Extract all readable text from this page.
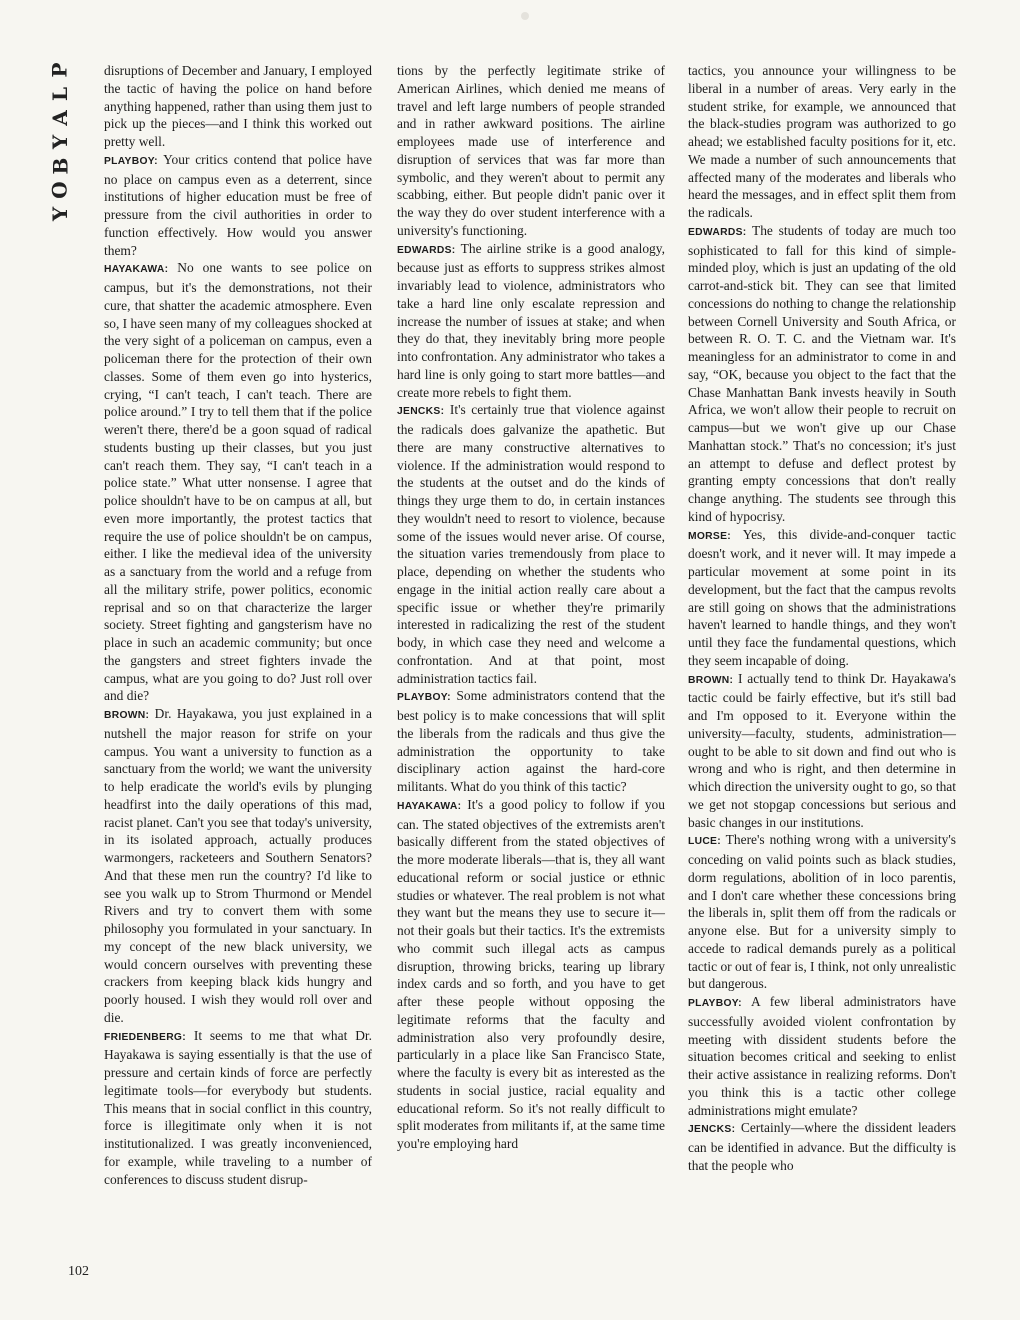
P
L
A
Y
B
O
Y
102

disruptions of December and January, I employed the tactic of having the police on hand before anything happened, rather than using them just to pick up the pieces—and I think this worked out pretty well.

PLAYBOY: Your critics contend that police have no place on campus even as a deterrent, since institutions of higher education must be free of pressure from the civil authorities in order to function effectively. How would you answer them?

HAYAKAWA: No one wants to see police on campus, but it's the demonstrations, not their cure, that shatter the academic atmosphere. Even so, I have seen many of my colleagues shocked at the very sight of a policeman on campus, even a policeman there for the protection of their own classes. Some of them even go into hysterics, crying, “I can't teach, I can't teach. There are police around.” I try to tell them that if the police weren't there, there'd be a goon squad of radical students busting up their classes, but you just can't reach them. They say, “I can't teach in a police state.” What utter nonsense. I agree that police shouldn't have to be on campus at all, but even more importantly, the protest tactics that require the use of police shouldn't be on campus, either. I like the medieval idea of the university as a sanctuary from the world and a refuge from all the military strife, power politics, economic reprisal and so on that characterize the larger society. Street fighting and gangsterism have no place in such an academic community; but once the gangsters and street fighters invade the campus, what are you going to do? Just roll over and die?

BROWN: Dr. Hayakawa, you just explained in a nutshell the major reason for strife on your campus. You want a university to function as a sanctuary from the world; we want the university to help eradicate the world's evils by plunging headfirst into the daily operations of this mad, racist planet. Can't you see that today's university, in its isolated approach, actually produces warmongers, racketeers and Southern Senators? And that these men run the country? I'd like to see you walk up to Strom Thurmond or Mendel Rivers and try to convert them with some philosophy you formulated in your sanctuary. In my concept of the new black university, we would concern ourselves with preventing these crackers from keeping black kids hungry and poorly housed. I wish they would roll over and die.

FRIEDENBERG: It seems to me that what Dr. Hayakawa is saying essentially is that the use of pressure and certain kinds of force are perfectly legitimate tools—for everybody but students. This means that in social conflict in this country, force is illegitimate only when it is not institutionalized. I was greatly inconvenienced, for example, while traveling to a number of conferences to discuss student disrup-

tions by the perfectly legitimate strike of American Airlines, which denied me means of travel and left large numbers of people stranded and in rather awkward positions. The airline employees made use of interference and disruption of services that was far more than symbolic, and they weren't about to permit any scabbing, either. But people didn't panic over it the way they do over student interference with a university's functioning.

EDWARDS: The airline strike is a good analogy, because just as efforts to suppress strikes almost invariably lead to violence, administrators who take a hard line only escalate repression and increase the number of issues at stake; and when they do that, they inevitably bring more people into confrontation. Any administrator who takes a hard line is only going to start more battles—and create more rebels to fight them.

JENCKS: It's certainly true that violence against the radicals does galvanize the apathetic. But there are many constructive alternatives to violence. If the administration would respond to the students at the outset and do the kinds of things they urge them to do, in certain instances they wouldn't need to resort to violence, because some of the issues would never arise. Of course, the situation varies tremendously from place to place, depending on whether the students who engage in the initial action really care about a specific issue or whether they're primarily interested in radicalizing the rest of the student body, in which case they need and welcome a confrontation. And at that point, most administration tactics fail.

PLAYBOY: Some administrators contend that the best policy is to make concessions that will split the liberals from the radicals and thus give the administration the opportunity to take disciplinary action against the hard-core militants. What do you think of this tactic?

HAYAKAWA: It's a good policy to follow if you can. The stated objectives of the extremists aren't basically different from the stated objectives of the more moderate liberals—that is, they all want educational reform or social justice or ethnic studies or whatever. The real problem is not what they want but the means they use to secure it—not their goals but their tactics. It's the extremists who commit such illegal acts as campus disruption, throwing bricks, tearing up library index cards and so forth, and you have to get after these people without opposing the legitimate reforms that the faculty and administration also very profoundly desire, particularly in a place like San Francisco State, where the faculty is every bit as interested as the students in social justice, racial equality and educational reform. So it's not really difficult to split moderates from militants if, at the same time you're employing hard

tactics, you announce your willingness to be liberal in a number of areas. Very early in the student strike, for example, we announced that the black-studies program was authorized to go ahead; we established faculty positions for it, etc. We made a number of such announcements that affected many of the moderates and liberals who heard the messages, and in effect split them from the radicals.

EDWARDS: The students of today are much too sophisticated to fall for this kind of simple-minded ploy, which is just an updating of the old carrot-and-stick bit. They can see that limited concessions do nothing to change the relationship between Cornell University and South Africa, or between R. O. T. C. and the Vietnam war. It's meaningless for an administrator to come in and say, “OK, because you object to the fact that the Chase Manhattan Bank invests heavily in South Africa, we won't allow their people to recruit on campus—but we won't give up our Chase Manhattan stock.” That's no concession; it's just an attempt to defuse and deflect protest by granting empty concessions that don't really change anything. The students see through this kind of hypocrisy.

MORSE: Yes, this divide-and-conquer tactic doesn't work, and it never will. It may impede a particular movement at some point in its development, but the fact that the campus revolts are still going on shows that the administrations haven't learned to handle things, and they won't until they face the fundamental questions, which they seem incapable of doing.

BROWN: I actually tend to think Dr. Hayakawa's tactic could be fairly effective, but it's still bad and I'm opposed to it. Everyone within the university—faculty, students, administration—ought to be able to sit down and find out who is wrong and who is right, and then determine in which direction the university ought to go, so that we get not stopgap concessions but serious and basic changes in our institutions.

LUCE: There's nothing wrong with a university's conceding on valid points such as black studies, dorm regulations, abolition of in loco parentis, and I don't care whether these concessions bring the liberals in, split them off from the radicals or anyone else. But for a university simply to accede to radical demands purely as a political tactic or out of fear is, I think, not only unrealistic but dangerous.

PLAYBOY: A few liberal administrators have successfully avoided violent confrontation by meeting with dissident students before the situation becomes critical and seeking to enlist their active assistance in realizing reforms. Don't you think this is a tactic other college administrations might emulate?

JENCKS: Certainly—where the dissident leaders can be identified in advance. But the difficulty is that the people who
